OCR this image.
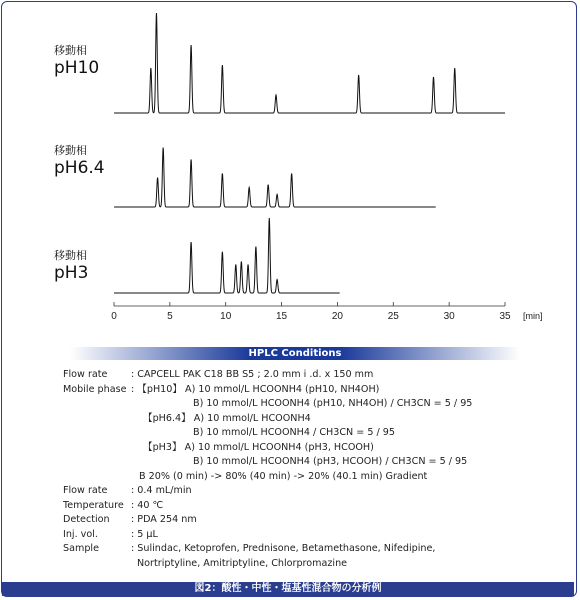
0	5	10	15	20	25	30	35 [min]
移動相
pH10
移動相
pH6.4
移動相
pH3
HPLC Conditions
Flow rate : CAPCELL PAK C18 BB S5 ; 2.0 mm i .d. x 150 mm
Mobile phase : 【pH10】 A) 10 mmol/L HCOONH4 (pH10, NH4OH)
B) 10 mmol/L HCOONH4 (pH10, NH4OH) / CH3CN = 5 / 95
【pH6.4】 A) 10 mmol/L HCOONH4
B) 10 mmol/L HCOONH4 / CH3CN = 5 / 95
【pH3】 A) 10 mmol/L HCOONH4 (pH3, HCOOH)
B) 10 mmol/L HCOONH4 (pH3, HCOOH) / CH3CN = 5 / 95
B 20% (0 min) -> 80% (40 min) -> 20% (40.1 min) Gradient
Flow rate : 0.4 mL/min
Temperature : 40 ℃
Detection : PDA 254 nm
Inj. vol.	: 5 μL
Sample	: Sulindac, Ketoprofen, Prednisone, Betamethasone, Nifedipine,
Nortriptyline, Amitriptyline, Chlorpromazine
図2：酸性・中性・塩基性混合物の分析例
